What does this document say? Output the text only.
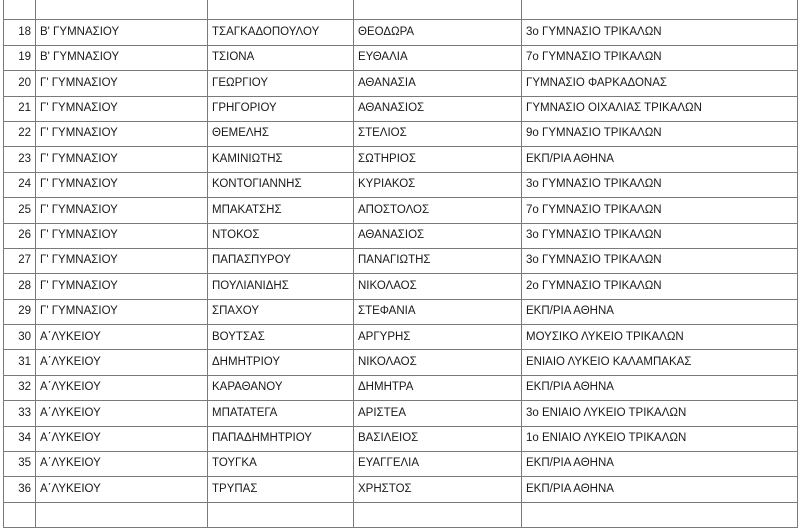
18	Β' ΓΥΜΝΑΣΙΟΥ	ΤΣΑΓΚΑΔΟΠΟΥΛΟΥ	ΘΕΟΔΩΡΑ	3ο ΓΥΜΝΑΣΙΟ ΤΡΙΚΑΛΩΝ
19	Β' ΓΥΜΝΑΣΙΟΥ	ΤΣΙΟΝΑ	ΕΥΘΑΛΙΑ	7ο ΓΥΜΝΑΣΙΟ ΤΡΙΚΑΛΩΝ
20	Γ' ΓΥΜΝΑΣΙΟΥ	ΓΕΩΡΓΙΟΥ	ΑΘΑΝΑΣΙΑ	ΓΥΜΝΑΣΙΟ ΦΑΡΚΑΔΟΝΑΣ
21	Γ' ΓΥΜΝΑΣΙΟΥ	ΓΡΗΓΟΡΙΟΥ	ΑΘΑΝΑΣΙΟΣ	ΓΥΜΝΑΣΙΟ ΟΙΧΑΛΙΑΣ ΤΡΙΚΑΛΩΝ
22	Γ' ΓΥΜΝΑΣΙΟΥ	ΘΕΜΕΛΗΣ	ΣΤΕΛΙΟΣ	9ο ΓΥΜΝΑΣΙΟ ΤΡΙΚΑΛΩΝ
23	Γ' ΓΥΜΝΑΣΙΟΥ	ΚΑΜΙΝΙΩΤΗΣ	ΣΩΤΗΡΙΟΣ	ΕΚΠ/ΡΙΑ ΑΘΗΝΑ
24	Γ' ΓΥΜΝΑΣΙΟΥ	ΚΟΝΤΟΓΙΑΝΝΗΣ	ΚΥΡΙΑΚΟΣ	3ο ΓΥΜΝΑΣΙΟ ΤΡΙΚΑΛΩΝ
25	Γ' ΓΥΜΝΑΣΙΟΥ	ΜΠΑΚΑΤΣΗΣ	ΑΠΟΣΤΟΛΟΣ	7ο ΓΥΜΝΑΣΙΟ ΤΡΙΚΑΛΩΝ
26	Γ' ΓΥΜΝΑΣΙΟΥ	ΝΤΟΚΟΣ	ΑΘΑΝΑΣΙΟΣ	3ο ΓΥΜΝΑΣΙΟ ΤΡΙΚΑΛΩΝ
27	Γ' ΓΥΜΝΑΣΙΟΥ	ΠΑΠΑΣΠΥΡΟΥ	ΠΑΝΑΓΙΩΤΗΣ	3ο ΓΥΜΝΑΣΙΟ ΤΡΙΚΑΛΩΝ
28	Γ' ΓΥΜΝΑΣΙΟΥ	ΠΟΥΛΙΑΝΙΔΗΣ	ΝΙΚΟΛΑΟΣ	2ο ΓΥΜΝΑΣΙΟ ΤΡΙΚΑΛΩΝ
29	Γ' ΓΥΜΝΑΣΙΟΥ	ΣΠΑΧΟΥ	ΣΤΕΦΑΝΙΑ	ΕΚΠ/ΡΙΑ ΑΘΗΝΑ
30	Α΄ΛΥΚΕΙΟΥ	ΒΟΥΤΣΑΣ	ΑΡΓΥΡΗΣ	ΜΟΥΣΙΚΟ ΛΥΚΕΙΟ ΤΡΙΚΑΛΩΝ
31	Α΄ΛΥΚΕΙΟΥ	ΔΗΜΗΤΡΙΟΥ	ΝΙΚΟΛΑΟΣ	ΕΝΙΑΙΟ ΛΥΚΕΙΟ ΚΑΛΑΜΠΑΚΑΣ
32	Α΄ΛΥΚΕΙΟΥ	ΚΑΡΑΘΑΝΟΥ	ΔΗΜΗΤΡΑ	ΕΚΠ/ΡΙΑ ΑΘΗΝΑ
33	Α΄ΛΥΚΕΙΟΥ	ΜΠΑΤΑΤΕΓΑ	ΑΡΙΣΤΕΑ	3ο ΕΝΙΑΙΟ ΛΥΚΕΙΟ ΤΡΙΚΑΛΩΝ
34	Α΄ΛΥΚΕΙΟΥ	ΠΑΠΑΔΗΜΗΤΡΙΟΥ	ΒΑΣΙΛΕΙΟΣ	1ο ΕΝΙΑΙΟ ΛΥΚΕΙΟ ΤΡΙΚΑΛΩΝ
35	Α΄ΛΥΚΕΙΟΥ	ΤΟΥΓΚΑ	ΕΥΑΓΓΕΛΙΑ	ΕΚΠ/ΡΙΑ ΑΘΗΝΑ
36	Α΄ΛΥΚΕΙΟΥ	ΤΡΥΠΑΣ	ΧΡΗΣΤΟΣ	ΕΚΠ/ΡΙΑ ΑΘΗΝΑ
